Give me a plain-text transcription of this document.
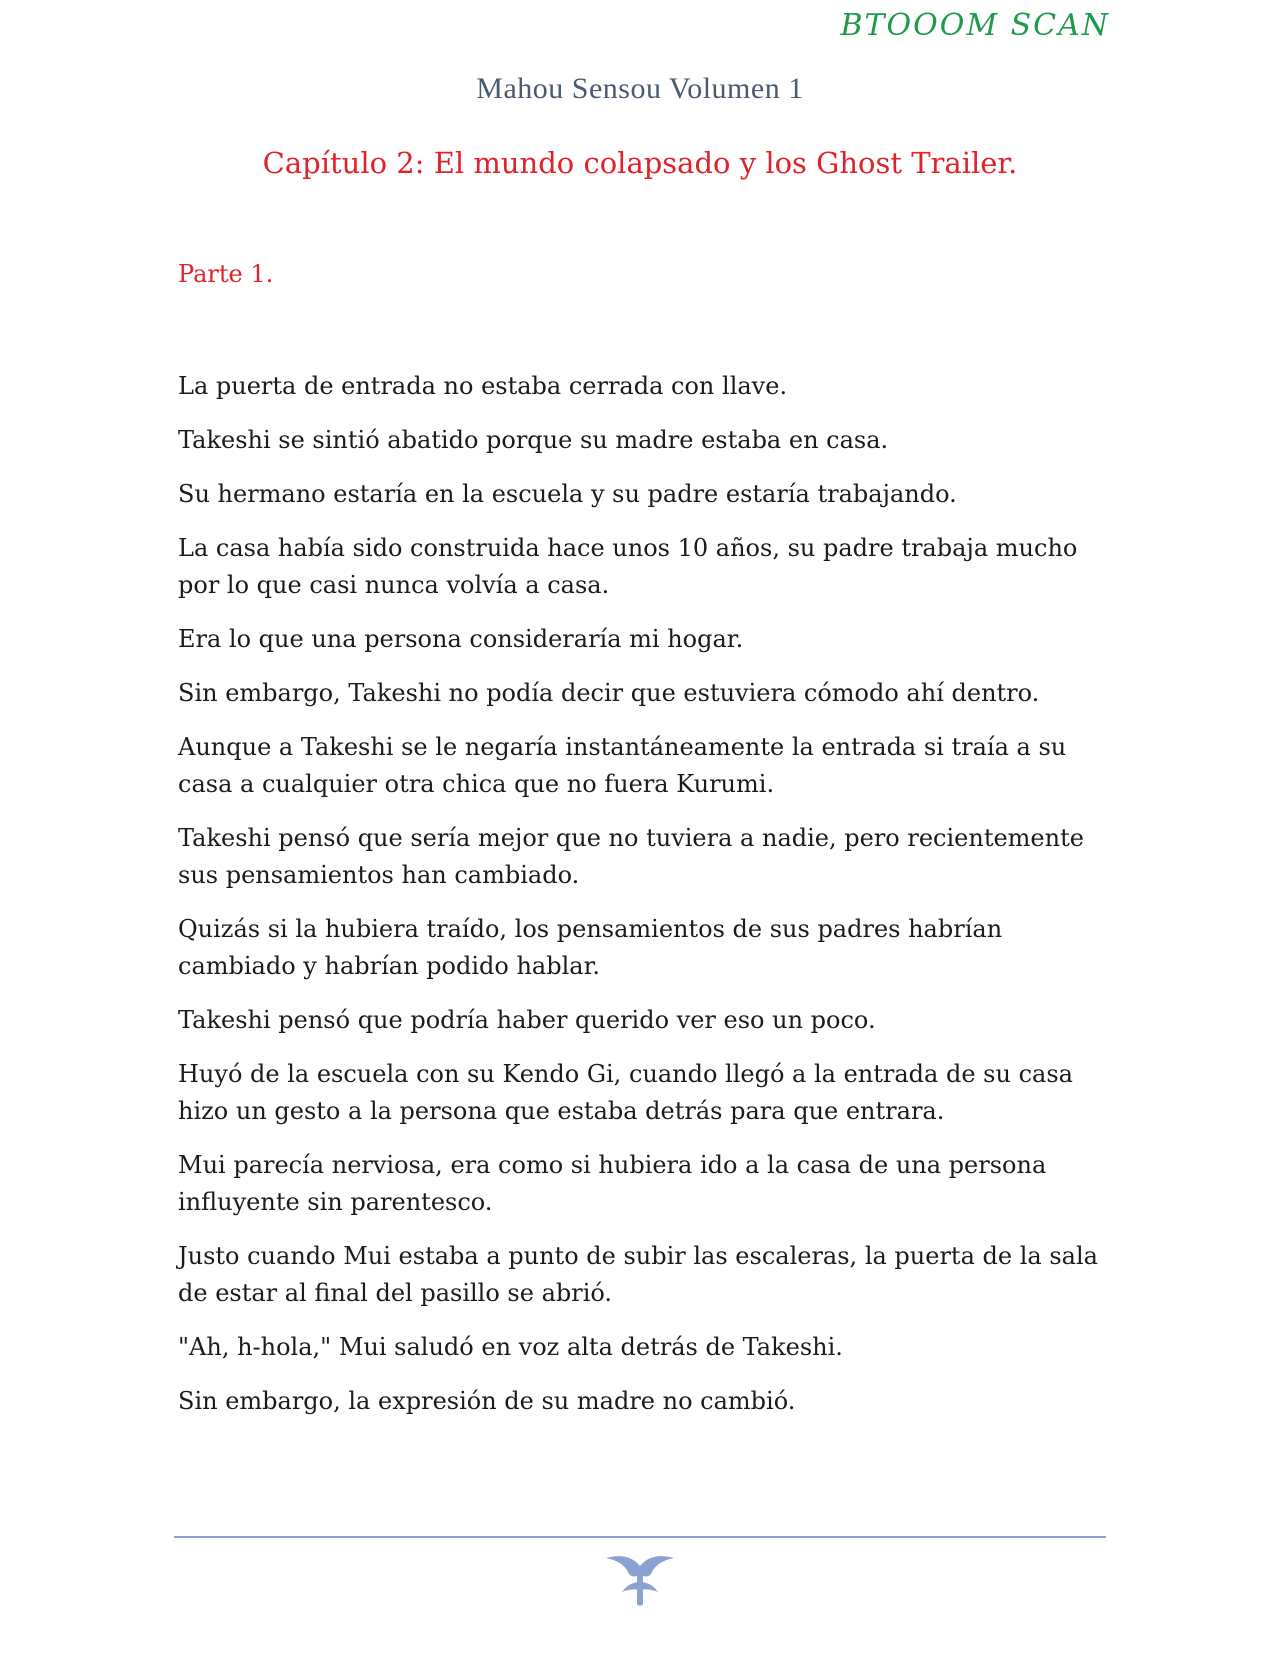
BTOOOM SCAN
Mahou Sensou Volumen 1
Capítulo 2: El mundo colapsado y los Ghost Trailer.
Parte 1.

La puerta de entrada no estaba cerrada con llave.

Takeshi se sintió abatido porque su madre estaba en casa.

Su hermano estaría en la escuela y su padre estaría trabajando.

La casa había sido construida hace unos 10 años, su padre trabaja mucho por lo que casi nunca volvía a casa.

Era lo que una persona consideraría mi hogar.

Sin embargo, Takeshi no podía decir que estuviera cómodo ahí dentro.

Aunque a Takeshi se le negaría instantáneamente la entrada si traía a su casa a cualquier otra chica que no fuera Kurumi.

Takeshi pensó que sería mejor que no tuviera a nadie, pero recientemente sus pensamientos han cambiado.

Quizás si la hubiera traído, los pensamientos de sus padres habrían cambiado y habrían podido hablar.

Takeshi pensó que podría haber querido ver eso un poco.

Huyó de la escuela con su Kendo Gi, cuando llegó a la entrada de su casa hizo un gesto a la persona que estaba detrás para que entrara.

Mui parecía nerviosa, era como si hubiera ido a la casa de una persona influyente sin parentesco.

Justo cuando Mui estaba a punto de subir las escaleras, la puerta de la sala de estar al final del pasillo se abrió.

"Ah, h-hola," Mui saludó en voz alta detrás de Takeshi.

Sin embargo, la expresión de su madre no cambió.
